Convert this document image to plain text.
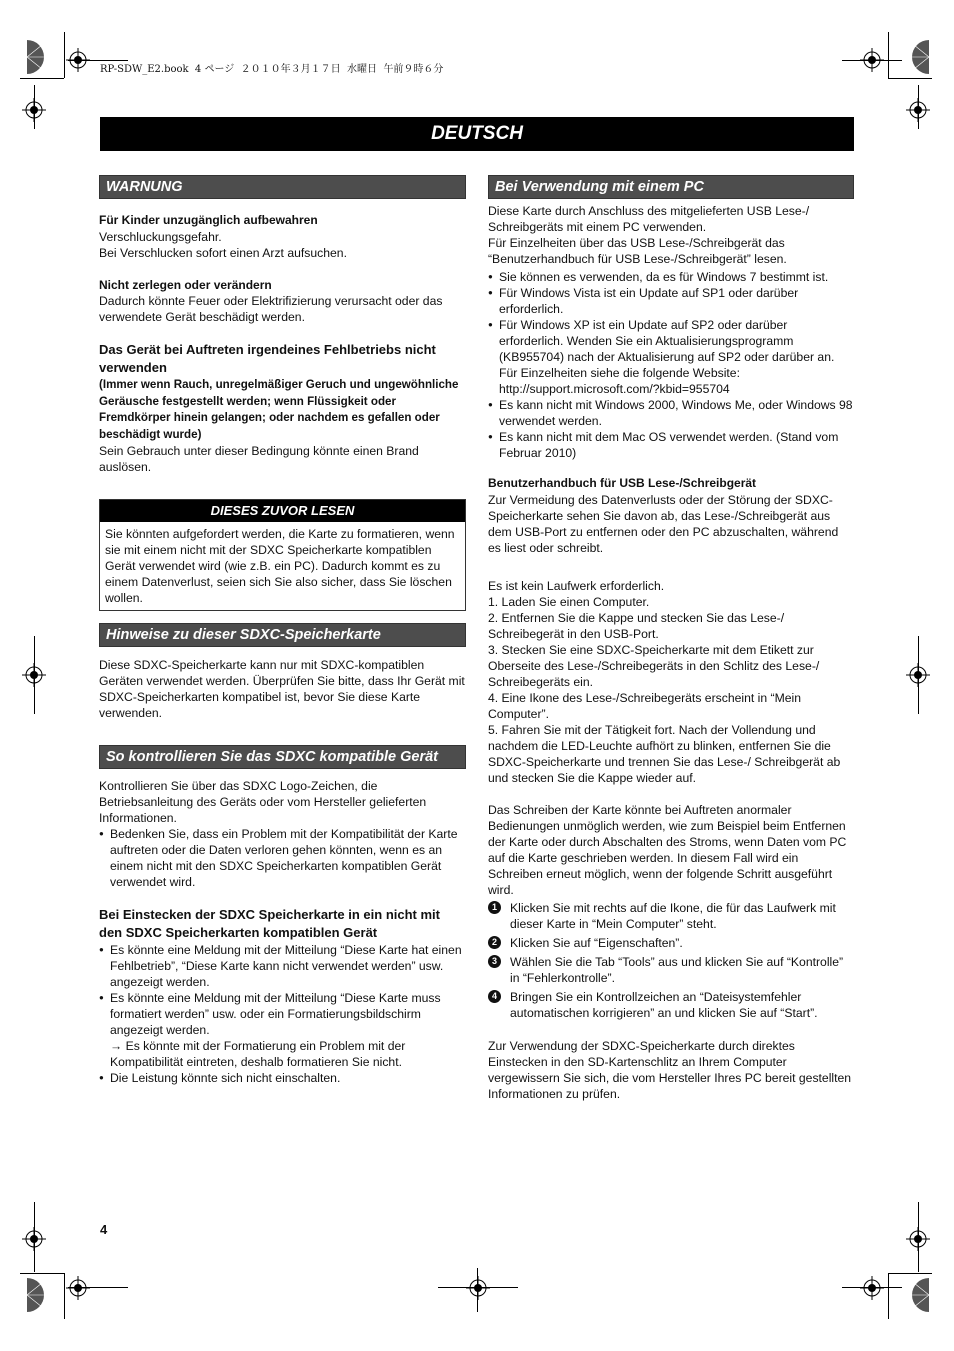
RP-SDW_E2.book  4 ページ  ２０１０年３月１７日  水曜日  午前９時６分
DEUTSCH
WARNUNG

Für Kinder unzugänglich aufbewahren

Verschluckungsgefahr.

Bei Verschlucken sofort einen Arzt aufsuchen.

Nicht zerlegen oder verändern

Dadurch könnte Feuer oder Elektrifizierung verursacht oder das verwendete Gerät beschädigt werden.

Das Gerät bei Auftreten irgendeines Fehlbetriebs nicht verwenden

(Immer wenn Rauch, unregelmäßiger Geruch und ungewöhnliche Geräusche festgestellt werden; wenn Flüssigkeit oder Fremdkörper hinein gelangen; oder nachdem es gefallen oder beschädigt wurde)

Sein Gebrauch unter dieser Bedingung könnte einen Brand auslösen.

DIESES ZUVOR LESEN
Sie könnten aufgefordert werden, die Karte zu formatieren, wenn sie mit einem nicht mit der SDXC Speicherkarte kompatiblen Gerät verwendet wird (wie z.B. ein PC). Dadurch kommt es zu einem Datenverlust, seien sich Sie also sicher, dass Sie löschen wollen.
Hinweise zu dieser SDXC-Speicherkarte

Diese SDXC-Speicherkarte kann nur mit SDXC-kompatiblen Geräten verwendet werden. Überprüfen Sie bitte, dass Ihr Gerät mit SDXC-Speicherkarten kompatibel ist, bevor Sie diese Karte verwenden.

So kontrollieren Sie das SDXC kompatible Gerät

Kontrollieren Sie über das SDXC Logo-Zeichen, die Betriebsanleitung des Geräts oder vom Hersteller gelieferten Informationen.

● Bedenken Sie, dass ein Problem mit der Kompatibilität der Karte auftreten oder die Daten verloren gehen könnten, wenn es an einem nicht mit den SDXC Speicherkarten kompatiblen Gerät verwendet wird.

Bei Einstecken der SDXC Speicherkarte in ein nicht mit den SDXC Speicherkarten kompatiblen Gerät

● Es könnte eine Meldung mit der Mitteilung “Diese Karte hat einen Fehlbetrieb”, “Diese Karte kann nicht verwendet werden” usw. angezeigt werden.

● Es könnte eine Meldung mit der Mitteilung “Diese Karte muss formatiert werden” usw. oder ein Formatierungsbildschirm angezeigt werden.

→ Es könnte mit der Formatierung ein Problem mit der Kompatibilität eintreten, deshalb formatieren Sie nicht.

● Die Leistung könnte sich nicht einschalten.

Bei Verwendung mit einem PC

Diese Karte durch Anschluss des mitgelieferten USB Lese-/ Schreibgeräts mit einem PC verwenden.

Für Einzelheiten über das USB Lese-/Schreibgerät das “Benutzerhandbuch für USB Lese-/Schreibgerät” lesen.

● Sie können es verwenden, da es für Windows 7 bestimmt ist.

● Für Windows Vista ist ein Update auf SP1 oder darüber erforderlich.

● Für Windows XP ist ein Update auf SP2 oder darüber erforderlich. Wenden Sie ein Aktualisierungsprogramm (KB955704) nach der Aktualisierung auf SP2 oder darüber an. Für Einzelheiten siehe die folgende Website: http://support.microsoft.com/?kbid=955704

● Es kann nicht mit Windows 2000, Windows Me, oder Windows 98 verwendet werden.

● Es kann nicht mit dem Mac OS verwendet werden. (Stand vom Februar 2010)

Benutzerhandbuch für USB Lese-/Schreibgerät

Zur Vermeidung des Datenverlusts oder der Störung der SDXC-Speicherkarte sehen Sie davon ab, das Lese-/Schreibgerät aus dem USB-Port zu entfernen oder den PC abzuschalten, während es liest oder schreibt.

Es ist kein Laufwerk erforderlich.

1. Laden Sie einen Computer.

2. Entfernen Sie die Kappe und stecken Sie das Lese-/ Schreibegerät in den USB-Port.

3. Stecken Sie eine SDXC-Speicherkarte mit dem Etikett zur Oberseite des Lese-/Schreibegeräts in den Schlitz des Lese-/ Schreibegeräts ein.

4. Eine Ikone des Lese-/Schreibegeräts erscheint in “Mein Computer”.

5. Fahren Sie mit der Tätigkeit fort. Nach der Vollendung und nachdem die LED-Leuchte aufhört zu blinken, entfernen Sie die SDXC-Speicherkarte und trennen Sie das Lese-/ Schreibgerät ab und stecken Sie die Kappe wieder auf.

Das Schreiben der Karte könnte bei Auftreten anormaler Bedienungen unmöglich werden, wie zum Beispiel beim Entfernen der Karte oder durch Abschalten des Stroms, wenn Daten vom PC auf die Karte geschrieben werden. In diesem Fall wird ein Schreiben erneut möglich, wenn der folgende Schritt ausgeführt wird.

1	Klicken Sie mit rechts auf die Ikone, die für das Laufwerk mit dieser Karte in “Mein Computer” steht.
2	Klicken Sie auf “Eigenschaften”.
3	Wählen Sie die Tab “Tools” aus und klicken Sie auf “Kontrolle” in “Fehlerkontrolle”.
4	Bringen Sie ein Kontrollzeichen an “Dateisystemfehler automatischen korrigieren” an und klicken Sie auf “Start”.

Zur Verwendung der SDXC-Speicherkarte durch direktes Einstecken in den SD-Kartenschlitz an Ihrem Computer vergewissern Sie sich, die vom Hersteller Ihres PC bereit gestellten Informationen zu prüfen.

4
